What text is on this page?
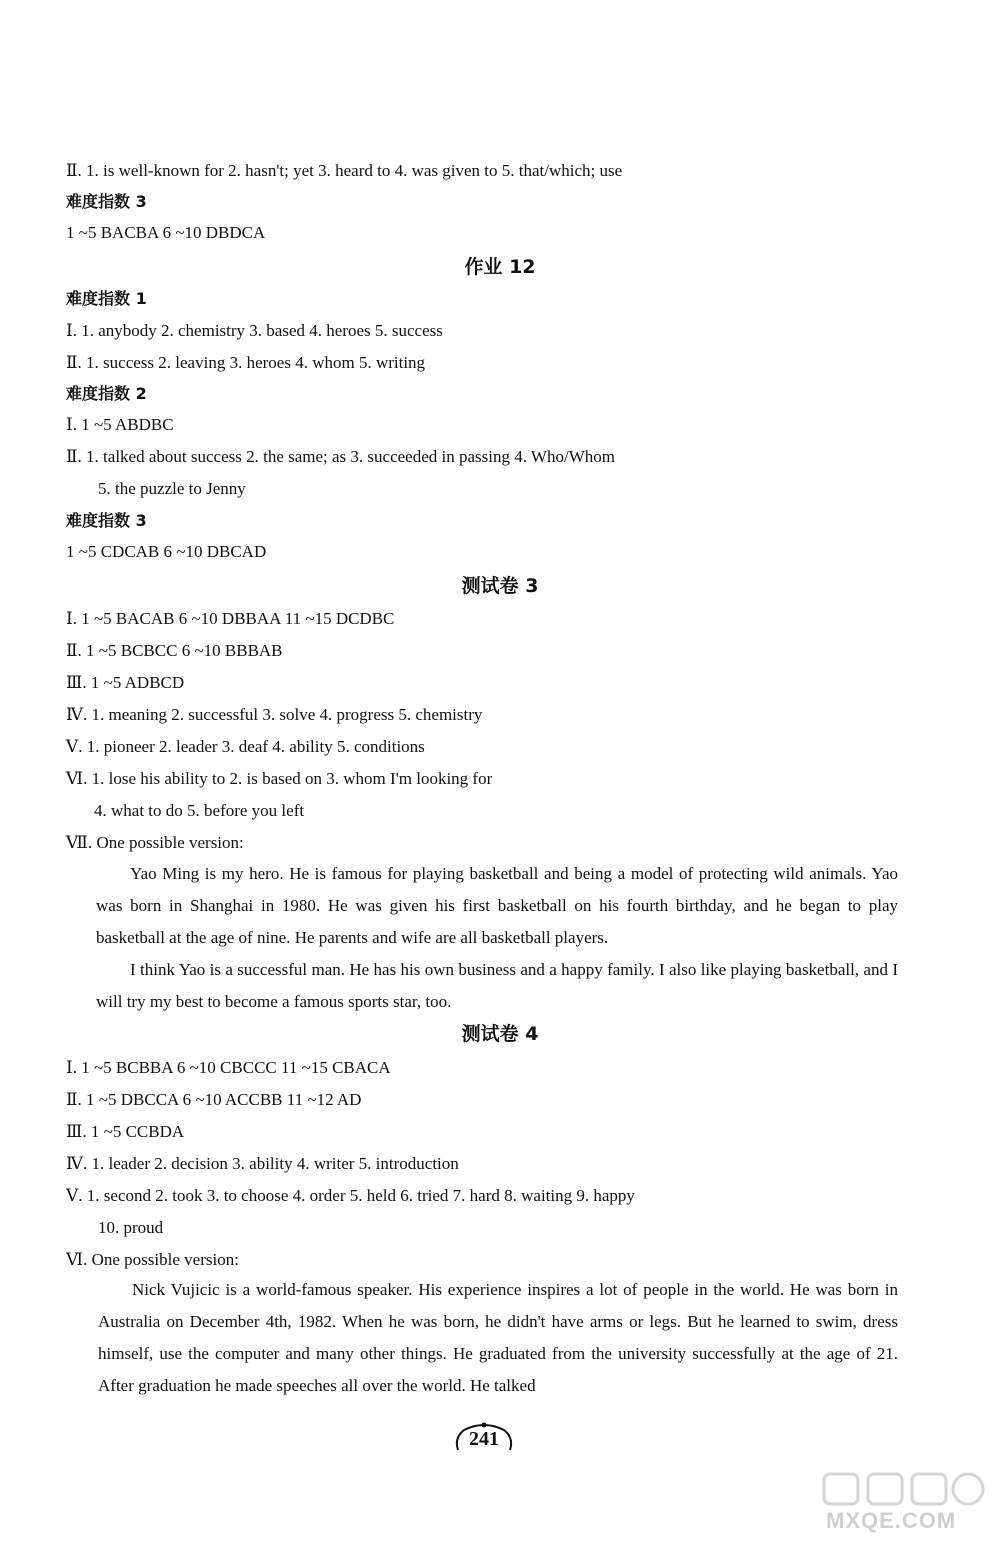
Ⅱ. 1. is well-known for 2. hasn't; yet 3. heard to 4. was given to 5. that/which; use
难度指数 3
1 ~5 BACBA 6 ~10 DBDCA
作业 12
难度指数 1
Ⅰ. 1. anybody 2. chemistry 3. based 4. heroes 5. success
Ⅱ. 1. success 2. leaving 3. heroes 4. whom 5. writing
难度指数 2
Ⅰ. 1 ~5 ABDBC
Ⅱ. 1. talked about success 2. the same; as 3. succeeded in passing 4. Who/Whom
5. the puzzle to Jenny
难度指数 3
1 ~5 CDCAB 6 ~10 DBCAD
测试卷 3
Ⅰ. 1 ~5 BACAB 6 ~10 DBBAA 11 ~15 DCDBC
Ⅱ. 1 ~5 BCBCC 6 ~10 BBBAB
Ⅲ. 1 ~5 ADBCD
Ⅳ. 1. meaning 2. successful 3. solve 4. progress 5. chemistry
Ⅴ. 1. pioneer 2. leader 3. deaf 4. ability 5. conditions
Ⅵ. 1. lose his ability to 2. is based on 3. whom I'm looking for
4. what to do 5. before you left
Ⅶ. One possible version:

Yao Ming is my hero. He is famous for playing basketball and being a model of protecting wild animals. Yao was born in Shanghai in 1980. He was given his first basketball on his fourth birthday, and he began to play basketball at the age of nine. He parents and wife are all basketball players.

I think Yao is a successful man. He has his own business and a happy family. I also like playing basketball, and I will try my best to become a famous sports star, too.

测试卷 4
Ⅰ. 1 ~5 BCBBA 6 ~10 CBCCC 11 ~15 CBACA
Ⅱ. 1 ~5 DBCCA 6 ~10 ACCBB 11 ~12 AD
Ⅲ. 1 ~5 CCBDA
Ⅳ. 1. leader 2. decision 3. ability 4. writer 5. introduction
Ⅴ. 1. second 2. took 3. to choose 4. order 5. held 6. tried 7. hard 8. waiting 9. happy
10. proud
Ⅵ. One possible version:

Nick Vujicic is a world-famous speaker. His experience inspires a lot of people in the world. He was born in Australia on December 4th, 1982. When he was born, he didn't have arms or legs. But he learned to swim, dress himself, use the computer and many other things. He graduated from the university successfully at the age of 21. After graduation he made speeches all over the world. He talked

241
MXQE.COM
